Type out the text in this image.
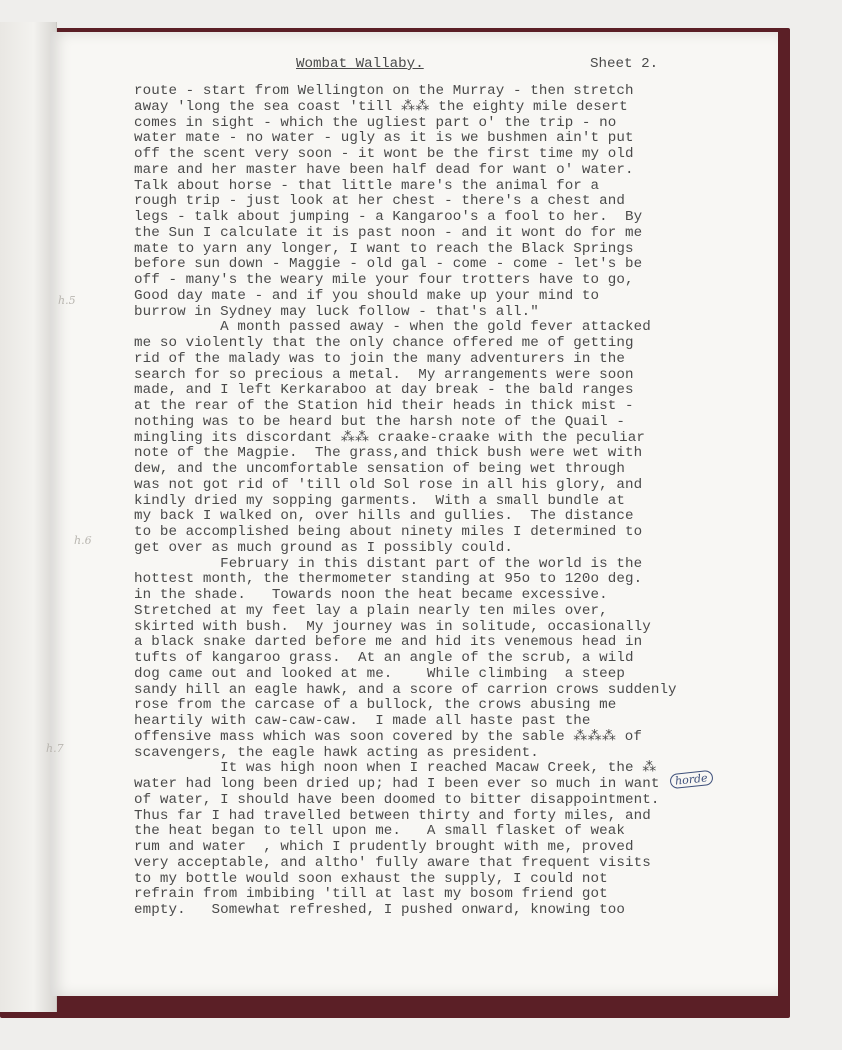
Wombat Wallaby.	Sheet 2.
route - start from Wellington on the Murray - then stretch
away 'long the sea coast 'till ⁂⁂ the eighty mile desert
comes in sight - which the ugliest part o' the trip - no
water mate - no water - ugly as it is we bushmen ain't put
off the scent very soon - it wont be the first time my old
mare and her master have been half dead for want o' water.
Talk about horse - that little mare's the animal for a
rough trip - just look at her chest - there's a chest and
legs - talk about jumping - a Kangaroo's a fool to her.  By
the Sun I calculate it is past noon - and it wont do for me
mate to yarn any longer, I want to reach the Black Springs
before sun down - Maggie - old gal - come - come - let's be
off - many's the weary mile your four trotters have to go,
Good day mate - and if you should make up your mind to
burrow in Sydney may luck follow - that's all."
A month passed away - when the gold fever attacked
me so violently that the only chance offered me of getting
rid of the malady was to join the many adventurers in the
search for so precious a metal.  My arrangements were soon
made, and I left Kerkaraboo at day break - the bald ranges
at the rear of the Station hid their heads in thick mist -
nothing was to be heard but the harsh note of the Quail -
mingling its discordant ⁂⁂ craake-craake with the peculiar
note of the Magpie.  The grass,and thick bush were wet with
dew, and the uncomfortable sensation of being wet through
was not got rid of 'till old Sol rose in all his glory, and
kindly dried my sopping garments.  With a small bundle at
my back I walked on, over hills and gullies.  The distance
to be accomplished being about ninety miles I determined to
get over as much ground as I possibly could.
February in this distant part of the world is the
hottest month, the thermometer standing at 95o to 120o deg.
in the shade.   Towards noon the heat became excessive.
Stretched at my feet lay a plain nearly ten miles over,
skirted with bush.  My journey was in solitude, occasionally
a black snake darted before me and hid its venemous head in
tufts of kangaroo grass.  At an angle of the scrub, a wild
dog came out and looked at me.    While climbing  a steep
sandy hill an eagle hawk, and a score of carrion crows suddenly
rose from the carcase of a bullock, the crows abusing me
heartily with caw-caw-caw.  I made all haste past the
offensive mass which was soon covered by the sable ⁂⁂⁂ of
scavengers, the eagle hawk acting as president.
It was high noon when I reached Macaw Creek, the ⁂
water had long been dried up; had I been ever so much in want
of water, I should have been doomed to bitter disappointment.
Thus far I had travelled between thirty and forty miles, and
the heat began to tell upon me.   A small flasket of weak
rum and water  , which I prudently brought with me, proved
very acceptable, and altho' fully aware that frequent visits
to my bottle would soon exhaust the supply, I could not
refrain from imbibing 'till at last my bosom friend got
empty.   Somewhat refreshed, I pushed onward, knowing too
h.5
h.6
h.7
horde
